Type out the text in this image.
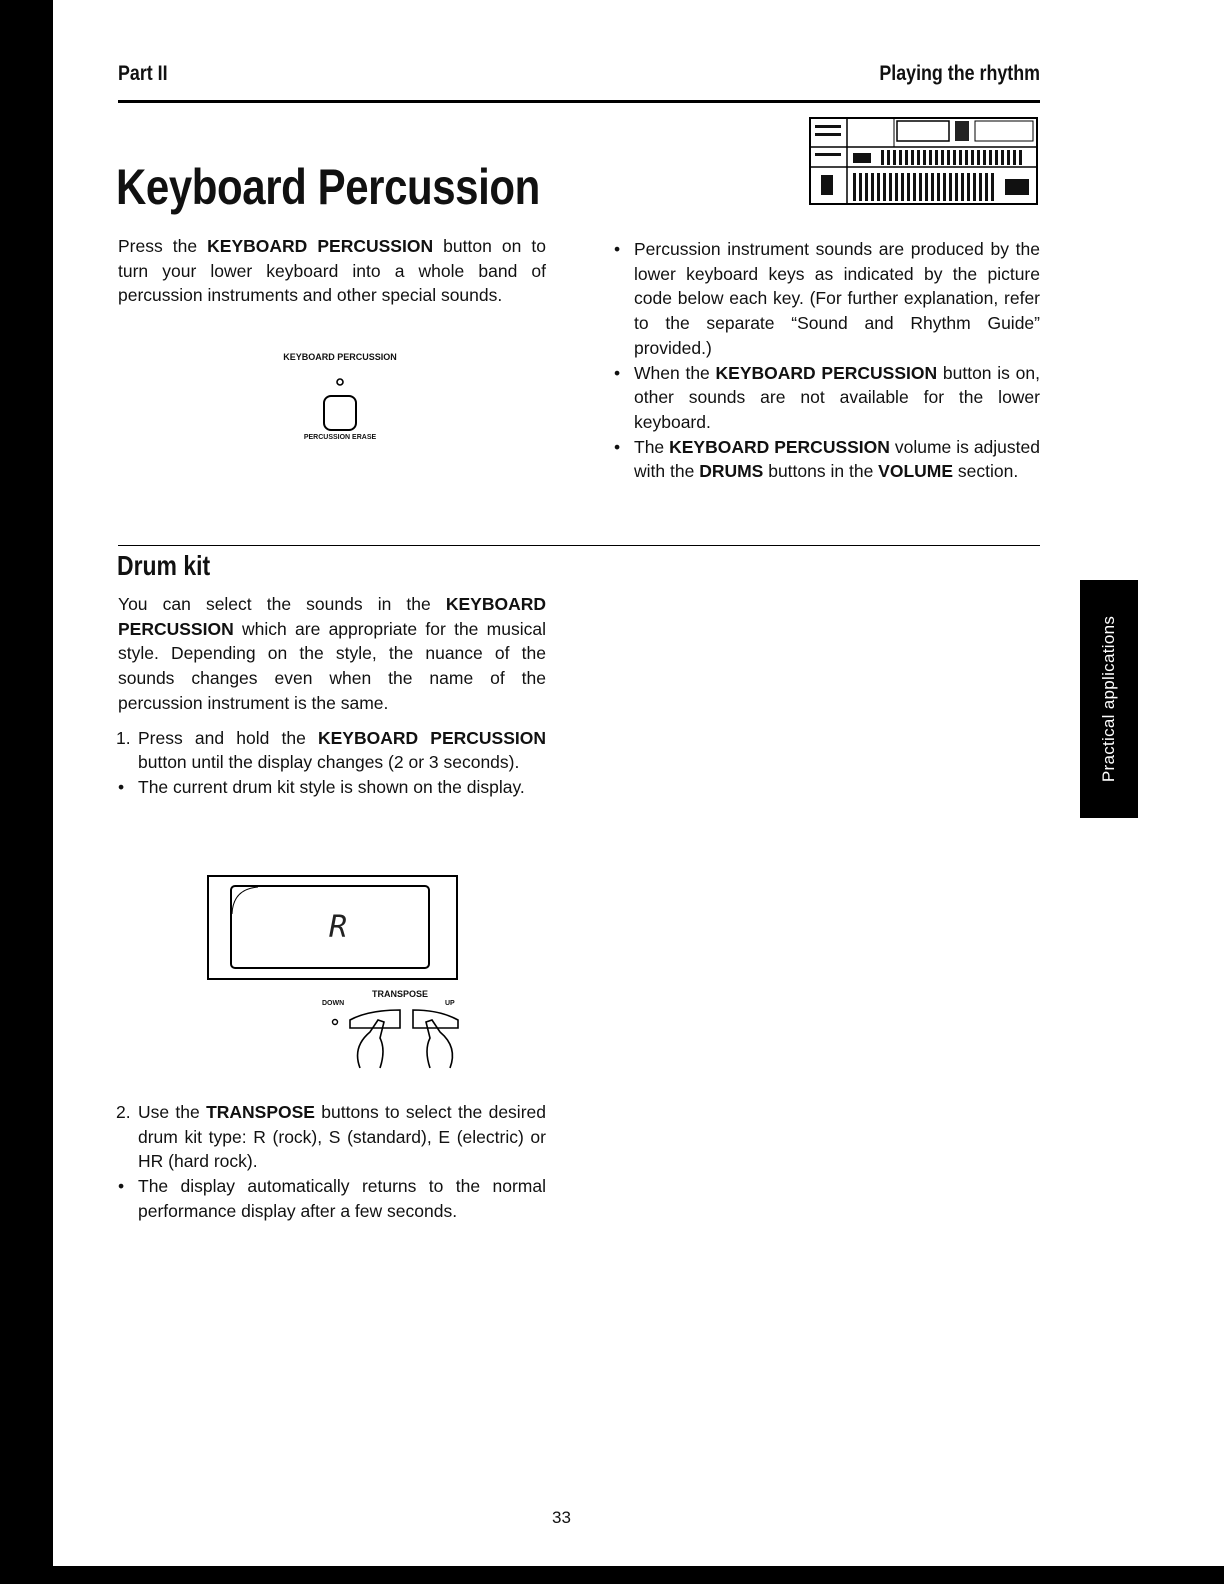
Practical applications
Part II	Playing the rhythm
Keyboard Percussion

Press the KEYBOARD PERCUSSION button on to turn your lower keyboard into a whole band of percussion instruments and other special sounds.

KEYBOARD PERCUSSION
PERCUSSION ERASE

• Percussion instrument sounds are produced by the lower keyboard keys as indicated by the picture code below each key. (For further explanation, refer to the separate “Sound and Rhythm Guide” provided.)

• When the KEYBOARD PERCUSSION button is on, other sounds are not available for the lower keyboard.

• The KEYBOARD PERCUSSION volume is adjusted with the DRUMS buttons in the VOLUME section.

Drum kit

You can select the sounds in the KEYBOARD PERCUSSION which are appropriate for the musical style. Depending on the style, the nuance of the sounds changes even when the name of the percussion instrument is the same.

1. Press and hold the KEYBOARD PERCUSSION button until the display changes (2 or 3 seconds).

• The current drum kit style is shown on the display.

R
TRANSPOSE
DOWN	UP

2. Use the TRANSPOSE buttons to select the desired drum kit type: R (rock), S (standard), E (electric) or HR (hard rock).

• The display automatically returns to the normal performance display after a few seconds.

33
